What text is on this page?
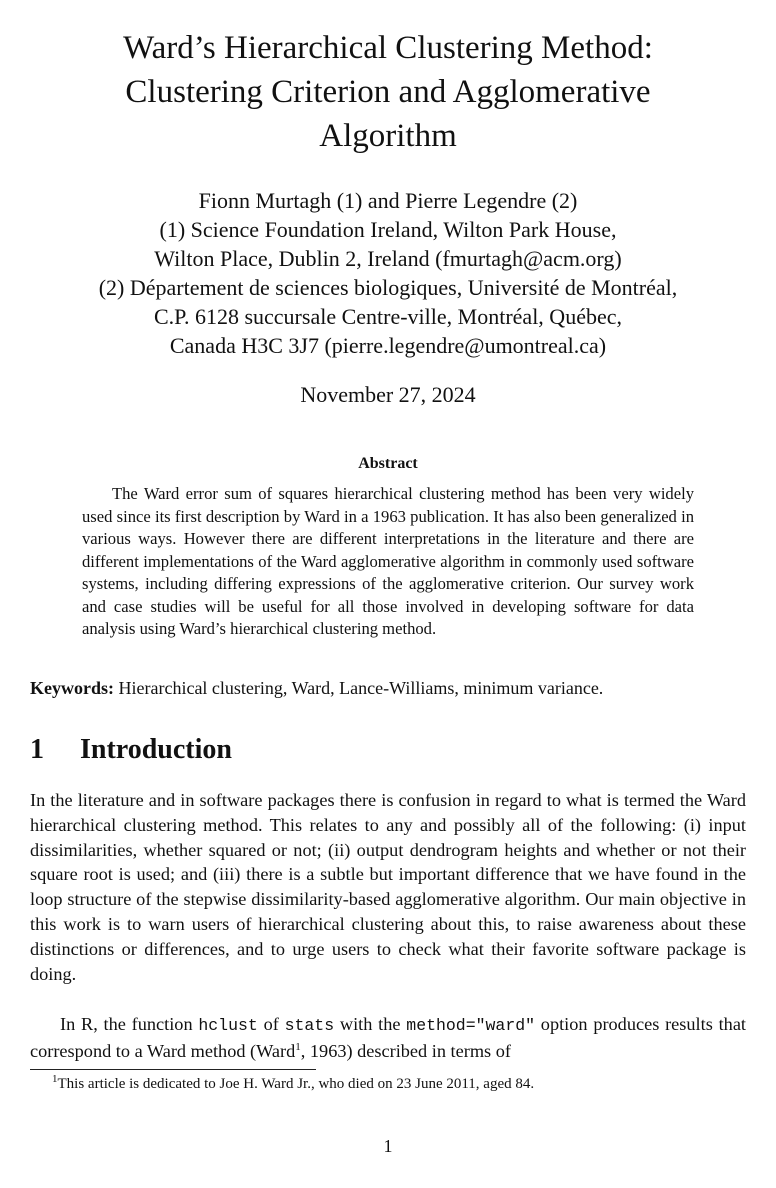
Ward’s Hierarchical Clustering Method:
Clustering Criterion and Agglomerative
Algorithm
Fionn Murtagh (1) and Pierre Legendre (2)
(1) Science Foundation Ireland, Wilton Park House,
Wilton Place, Dublin 2, Ireland (fmurtagh@acm.org)
(2) Département de sciences biologiques, Université de Montréal,
C.P. 6128 succursale Centre-ville, Montréal, Québec,
Canada H3C 3J7 (pierre.legendre@umontreal.ca)
November 27, 2024
Abstract

The Ward error sum of squares hierarchical clustering method has been very widely used since its first description by Ward in a 1963 publication. It has also been generalized in various ways. However there are different interpretations in the literature and there are different implementations of the Ward agglomerative algorithm in commonly used software systems, including differing expressions of the agglomerative criterion. Our survey work and case studies will be useful for all those involved in developing software for data analysis using Ward’s hierarchical clustering method.

Keywords: Hierarchical clustering, Ward, Lance-Williams, minimum variance.
1 Introduction

In the literature and in software packages there is confusion in regard to what is termed the Ward hierarchical clustering method. This relates to any and possibly all of the following: (i) input dissimilarities, whether squared or not; (ii) output dendrogram heights and whether or not their square root is used; and (iii) there is a subtle but important difference that we have found in the loop structure of the stepwise dissimilarity-based agglomerative algorithm. Our main objective in this work is to warn users of hierarchical clustering about this, to raise awareness about these distinctions or differences, and to urge users to check what their favorite software package is doing.

In R, the function hclust of stats with the method="ward" option produces results that correspond to a Ward method (Ward$^1$, 1963) described in terms of

$^1$This article is dedicated to Joe H. Ward Jr., who died on 23 June 2011, aged 84.
1
